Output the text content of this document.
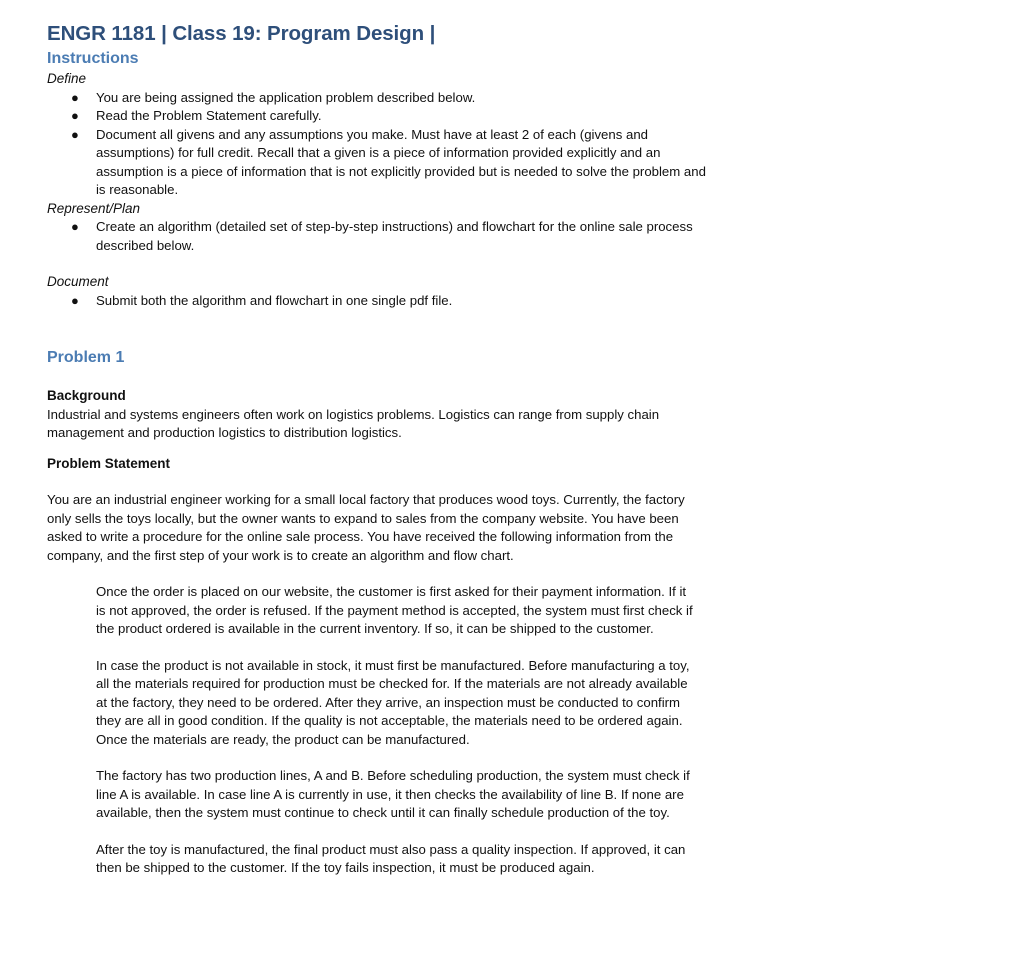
ENGR 1181 | Class 19: Program Design |
Instructions

Define

● You are being assigned the application problem described below.
● Read the Problem Statement carefully.
● Document all givens and any assumptions you make. Must have at least 2 of each (givens and assumptions) for full credit. Recall that a given is a piece of information provided explicitly and an assumption is a piece of information that is not explicitly provided but is needed to solve the problem and is reasonable.

Represent/Plan

● Create an algorithm (detailed set of step-by-step instructions) and flowchart for the online sale process described below.

Document

● Submit both the algorithm and flowchart in one single pdf file.
Problem 1

Background

Industrial and systems engineers often work on logistics problems. Logistics can range from supply chain management and production logistics to distribution logistics.

Problem Statement

You are an industrial engineer working for a small local factory that produces wood toys. Currently, the factory only sells the toys locally, but the owner wants to expand to sales from the company website. You have been asked to write a procedure for the online sale process. You have received the following information from the company, and the first step of your work is to create an algorithm and flow chart.

Once the order is placed on our website, the customer is first asked for their payment information. If it is not approved, the order is refused. If the payment method is accepted, the system must first check if the product ordered is available in the current inventory. If so, it can be shipped to the customer.

In case the product is not available in stock, it must first be manufactured. Before manufacturing a toy, all the materials required for production must be checked for. If the materials are not already available at the factory, they need to be ordered. After they arrive, an inspection must be conducted to confirm they are all in good condition. If the quality is not acceptable, the materials need to be ordered again. Once the materials are ready, the product can be manufactured.

The factory has two production lines, A and B. Before scheduling production, the system must check if line A is available. In case line A is currently in use, it then checks the availability of line B. If none are available, then the system must continue to check until it can finally schedule production of the toy.

After the toy is manufactured, the final product must also pass a quality inspection. If approved, it can then be shipped to the customer. If the toy fails inspection, it must be produced again.
